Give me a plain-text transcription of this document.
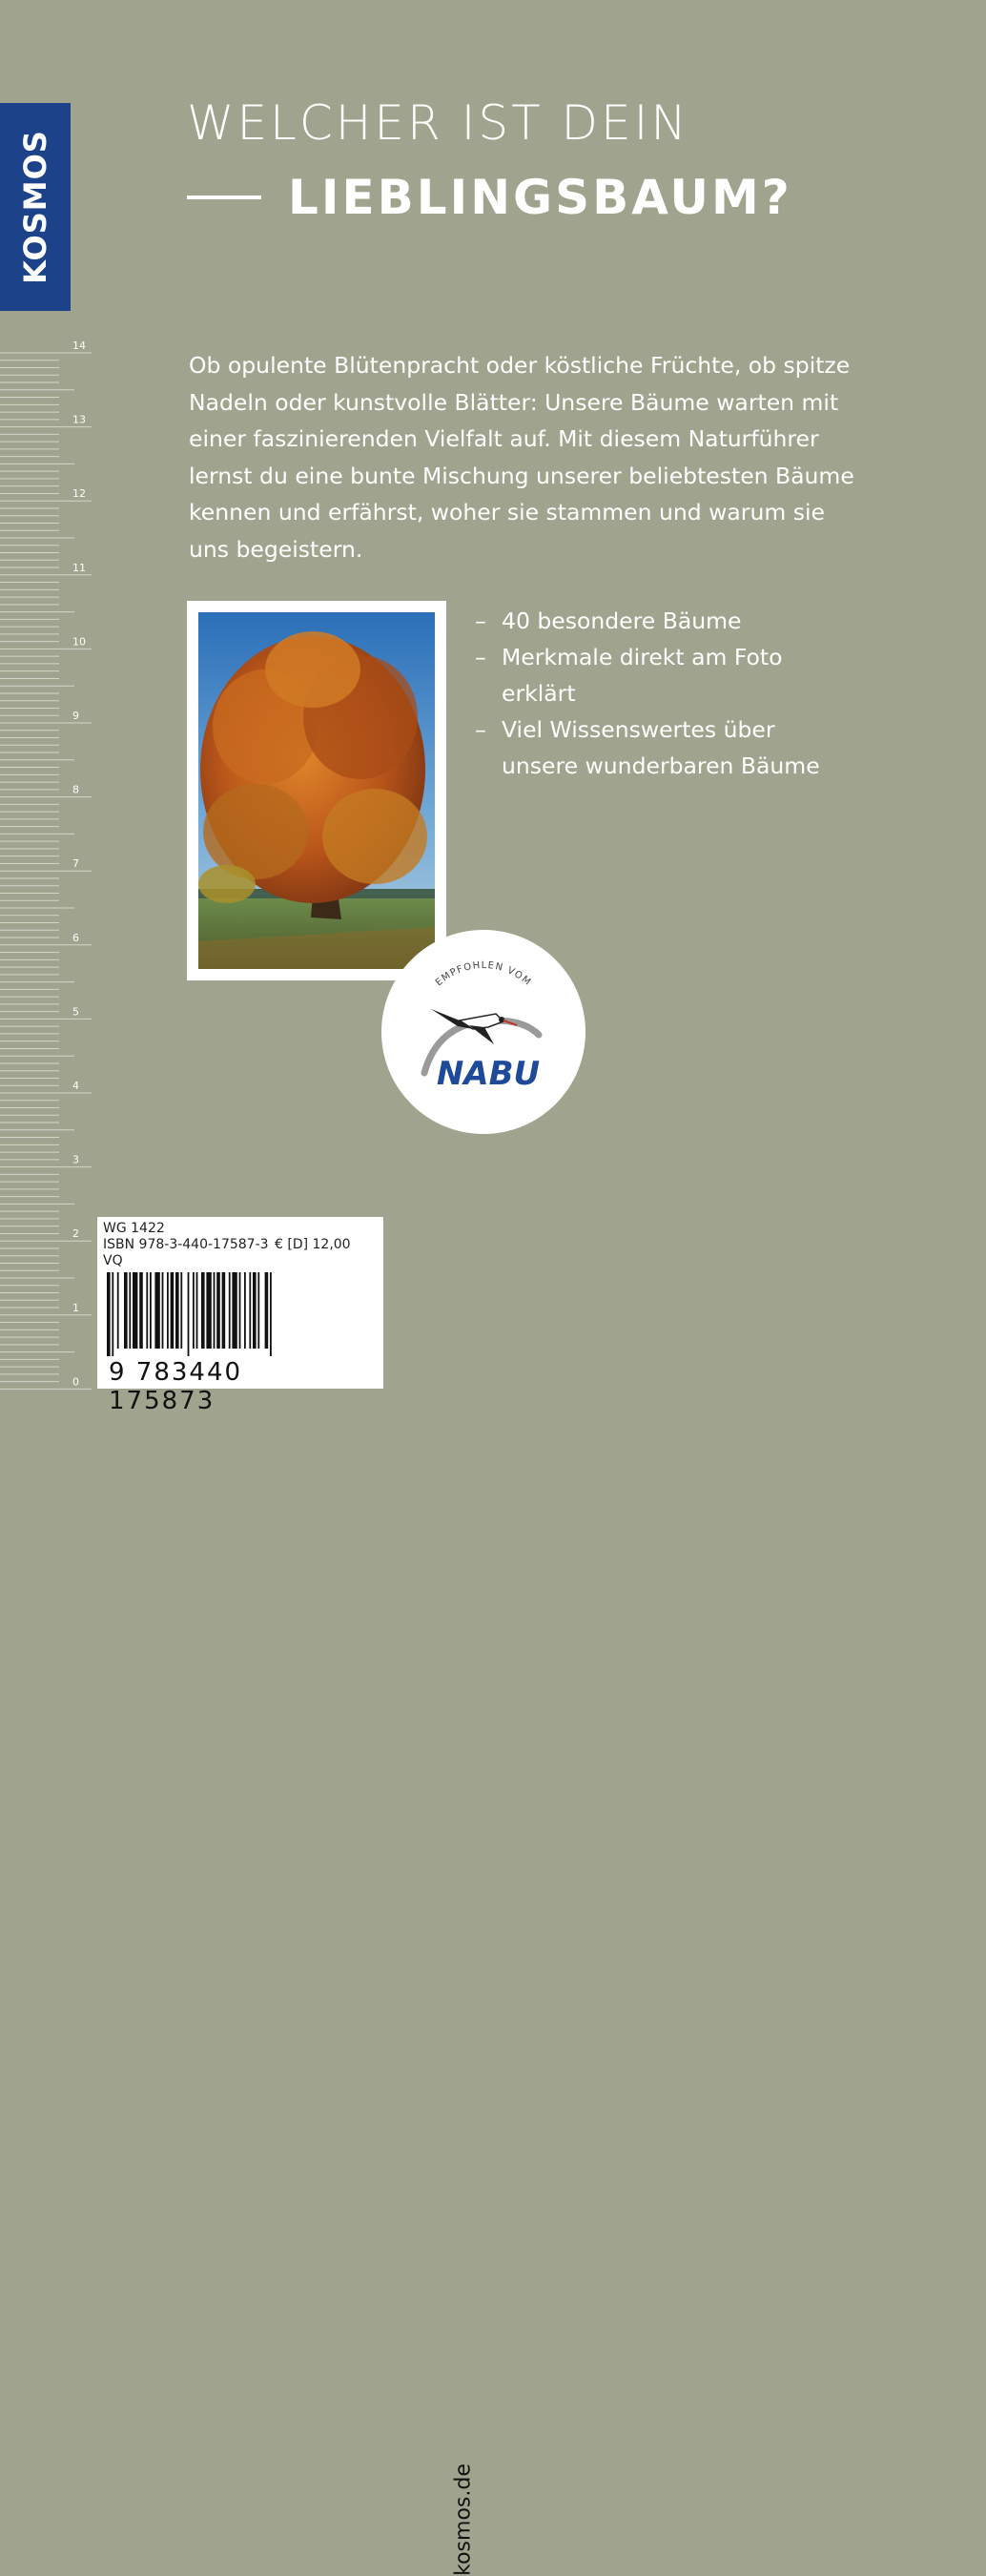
KOSMOS
14
13
12
11
10
9
8
7
6
5
4
3
2
1
0
WELCHER IST DEIN
LIEBLINGSBAUM?
Ob opulente Blütenpracht oder köstliche Früchte, ob spitze Nadeln oder kunstvolle Blätter: Unsere Bäume warten mit einer faszinierenden Vielfalt auf. Mit diesem Naturführer lernst du eine bunte Mischung unserer beliebtesten Bäume kennen und erfährst, woher sie stammen und warum sie uns begeistern.
– 40 besondere Bäume
– Merkmale direkt am Foto erklärt
– Viel Wissenswertes über unsere wunderbaren Bäume
EMPFOHLEN VOM
NABU
WG 1422
ISBN 978-3-440-17587-3 € [D] 12,00
VQ
9 783440 175873
kosmos.de
